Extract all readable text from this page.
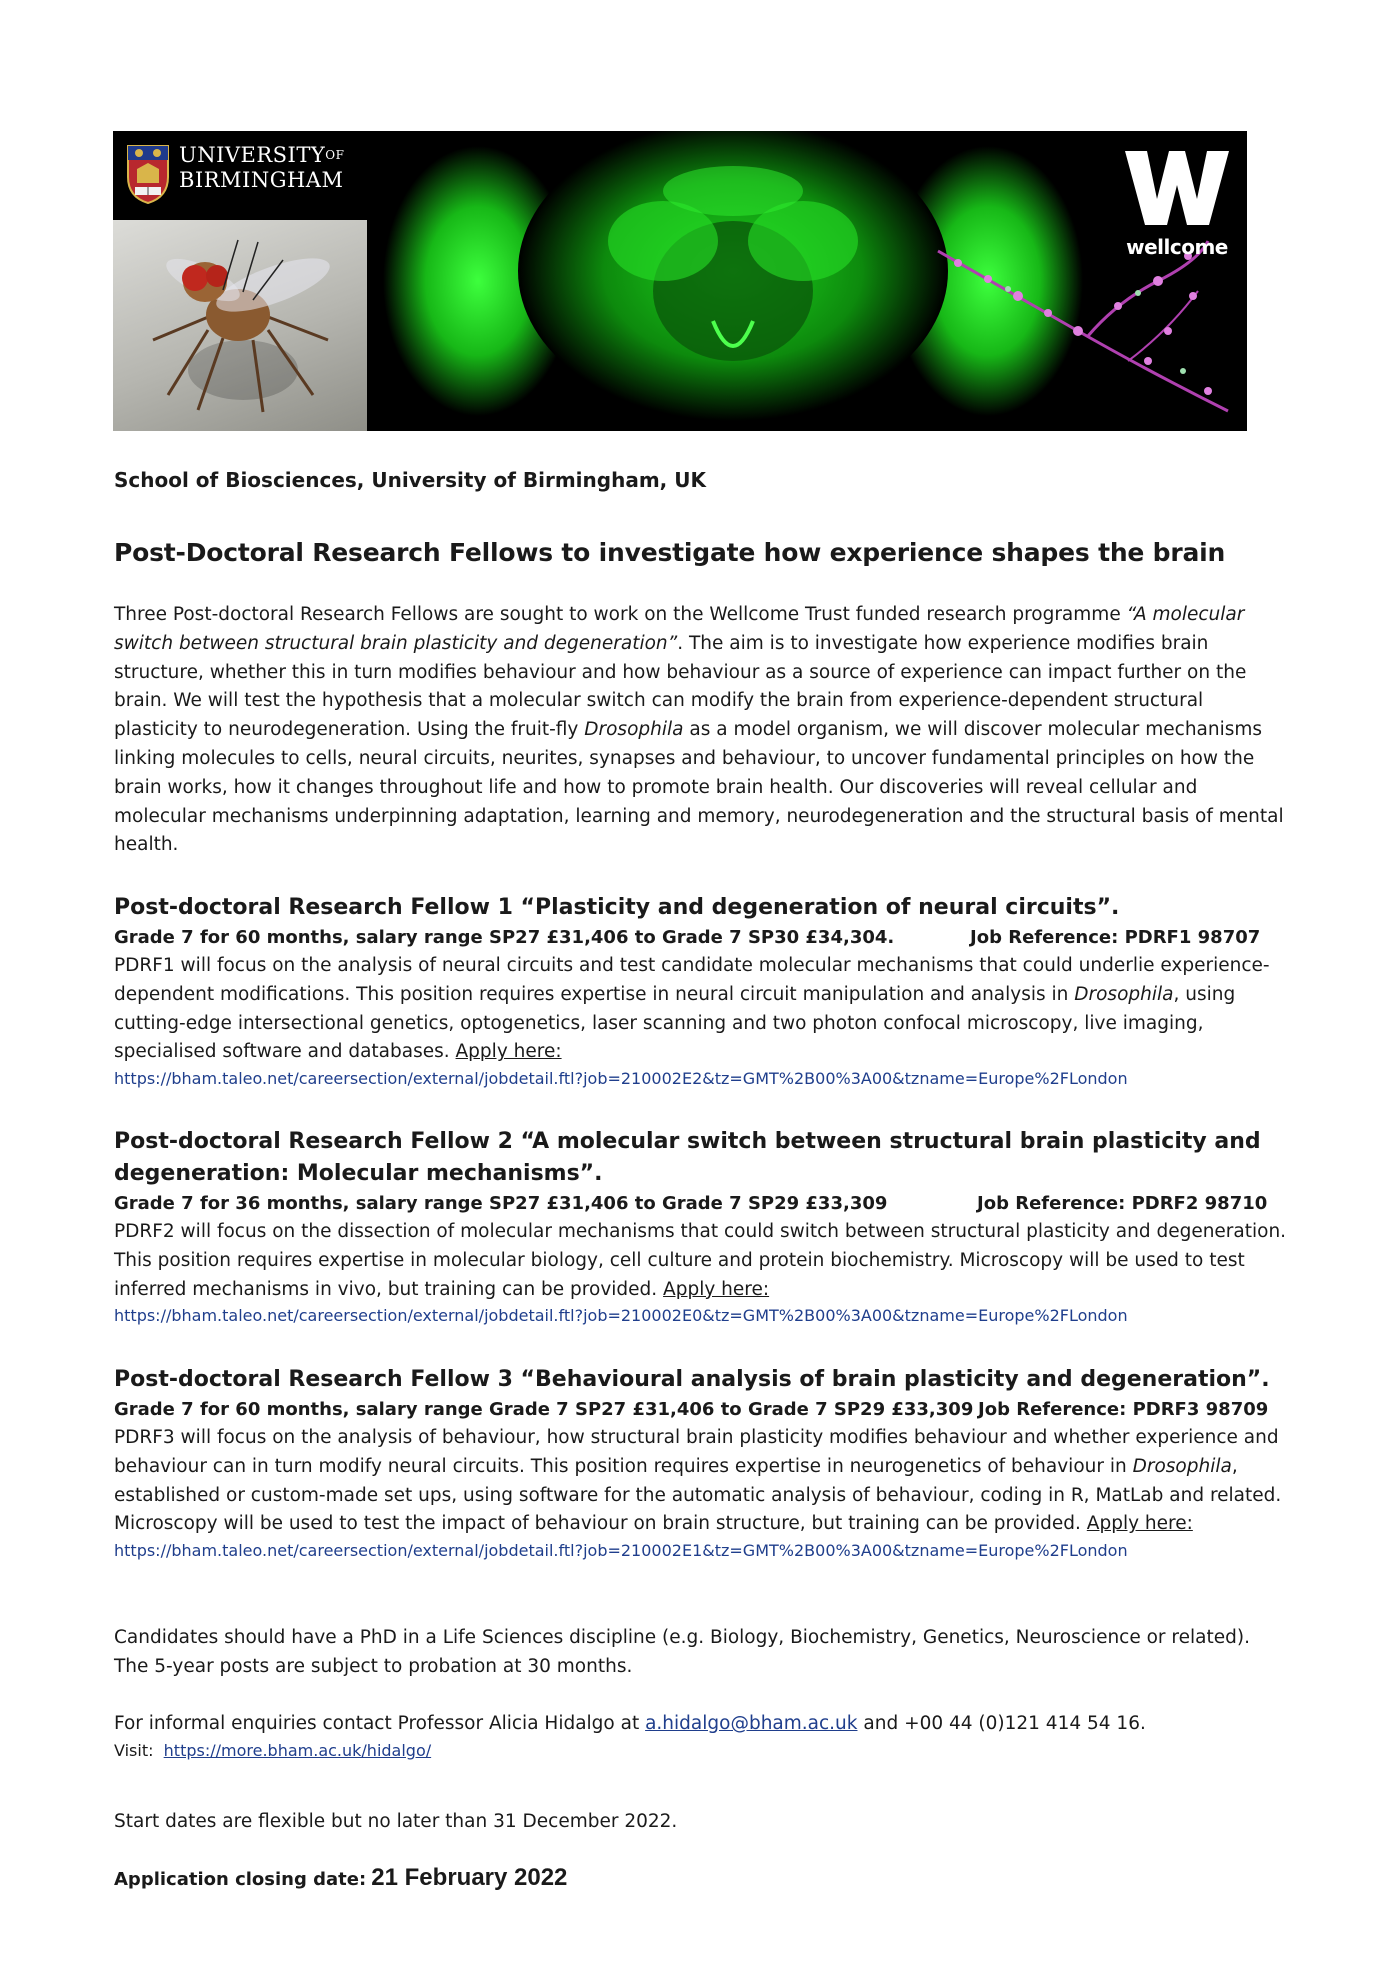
$UNIVERSITY^{OF}$
BIRMINGHAM
wellcome
School of Biosciences, University of Birmingham, UK
Post-Doctoral Research Fellows to investigate how experience shapes the brain

Three Post-doctoral Research Fellows are sought to work on the Wellcome Trust funded research programme “A molecular switch between structural brain plasticity and degeneration”. The aim is to investigate how experience modifies brain structure, whether this in turn modifies behaviour and how behaviour as a source of experience can impact further on the brain. We will test the hypothesis that a molecular switch can modify the brain from experience-dependent structural plasticity to neurodegeneration. Using the fruit-fly Drosophila as a model organism, we will discover molecular mechanisms linking molecules to cells, neural circuits, neurites, synapses and behaviour, to uncover fundamental principles on how the brain works, how it changes throughout life and how to promote brain health. Our discoveries will reveal cellular and molecular mechanisms underpinning adaptation, learning and memory, neurodegeneration and the structural basis of mental health.

Post-doctoral Research Fellow 1 “Plasticity and degeneration of neural circuits”.
Grade 7 for 60 months, salary range SP27 £31,406 to Grade 7 SP30 £34,304.	Job Reference: PDRF1 98707

PDRF1 will focus on the analysis of neural circuits and test candidate molecular mechanisms that could underlie experience-dependent modifications. This position requires expertise in neural circuit manipulation and analysis in Drosophila, using cutting-edge intersectional genetics, optogenetics, laser scanning and two photon confocal microscopy, live imaging, specialised software and databases. Apply here:

https://bham.taleo.net/careersection/external/jobdetail.ftl?job=210002E2&tz=GMT%2B00%3A00&tzname=Europe%2FLondon
Post-doctoral Research Fellow 2 “A molecular switch between structural brain plasticity and degeneration: Molecular mechanisms”.
Grade 7 for 36 months, salary range SP27 £31,406 to Grade 7 SP29 £33,309	Job Reference: PDRF2 98710

PDRF2 will focus on the dissection of molecular mechanisms that could switch between structural plasticity and degeneration. This position requires expertise in molecular biology, cell culture and protein biochemistry. Microscopy will be used to test inferred mechanisms in vivo, but training can be provided. Apply here:

https://bham.taleo.net/careersection/external/jobdetail.ftl?job=210002E0&tz=GMT%2B00%3A00&tzname=Europe%2FLondon
Post-doctoral Research Fellow 3 “Behavioural analysis of brain plasticity and degeneration”.
Grade 7 for 60 months, salary range Grade 7 SP27 £31,406 to Grade 7 SP29 £33,309 Job Reference: PDRF3 98709

PDRF3 will focus on the analysis of behaviour, how structural brain plasticity modifies behaviour and whether experience and behaviour can in turn modify neural circuits. This position requires expertise in neurogenetics of behaviour in Drosophila, established or custom-made set ups, using software for the automatic analysis of behaviour, coding in R, MatLab and related. Microscopy will be used to test the impact of behaviour on brain structure, but training can be provided. Apply here:

https://bham.taleo.net/careersection/external/jobdetail.ftl?job=210002E1&tz=GMT%2B00%3A00&tzname=Europe%2FLondon

Candidates should have a PhD in a Life Sciences discipline (e.g. Biology, Biochemistry, Genetics, Neuroscience or related). The 5-year posts are subject to probation at 30 months.

For informal enquiries contact Professor Alicia Hidalgo at a.hidalgo@bham.ac.uk and +00 44 (0)121 414 54 16.

Visit: https://more.bham.ac.uk/hidalgo/

Start dates are flexible but no later than 31 December 2022.

Application closing date: 21 February 2022
